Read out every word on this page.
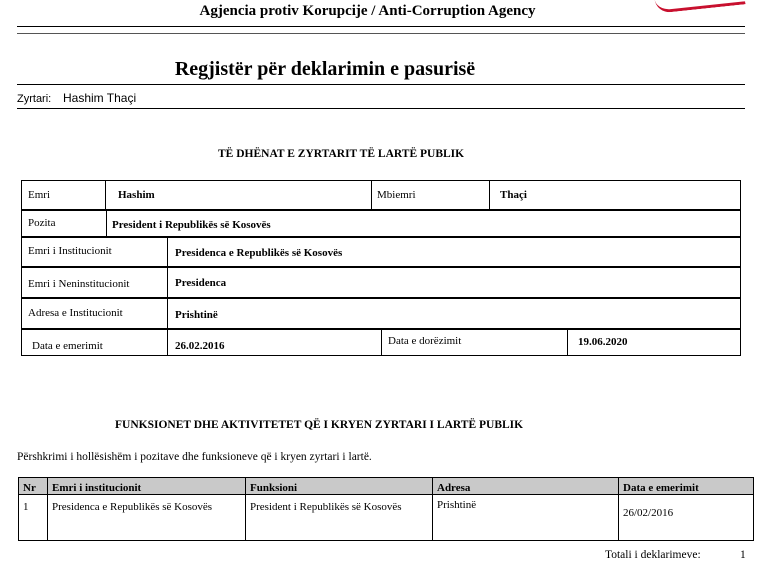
Agjencia protiv Korupcije / Anti-Corruption Agency
Regjistër për deklarimin e pasurisë
Zyrtari: Hashim Thaçi
TË DHËNAT E ZYRTARIT TË LARTË PUBLIK
Emri	Hashim	Mbiemri	Thaçi
Pozita	President i Republikës së Kosovës
Emri i Institucionit	Presidenca e Republikës së Kosovës
Emri i Neninstitucionit	Presidenca
Adresa e Institucionit	Prishtinë
Data e emerimit	26.02.2016	Data e dorëzimit	19.06.2020
FUNKSIONET DHE AKTIVITETET QË I KRYEN ZYRTARI I LARTË PUBLIK
Përshkrimi i hollësishëm i pozitave dhe funksioneve që i kryen zyrtari i lartë.
Nr	Emri i institucionit	Funksioni	Adresa	Data e emerimit
1	Presidenca e Republikës së Kosovës	President i Republikës së Kosovës	Prishtinë	26/02/2016
Totali i deklarimeve:	1
